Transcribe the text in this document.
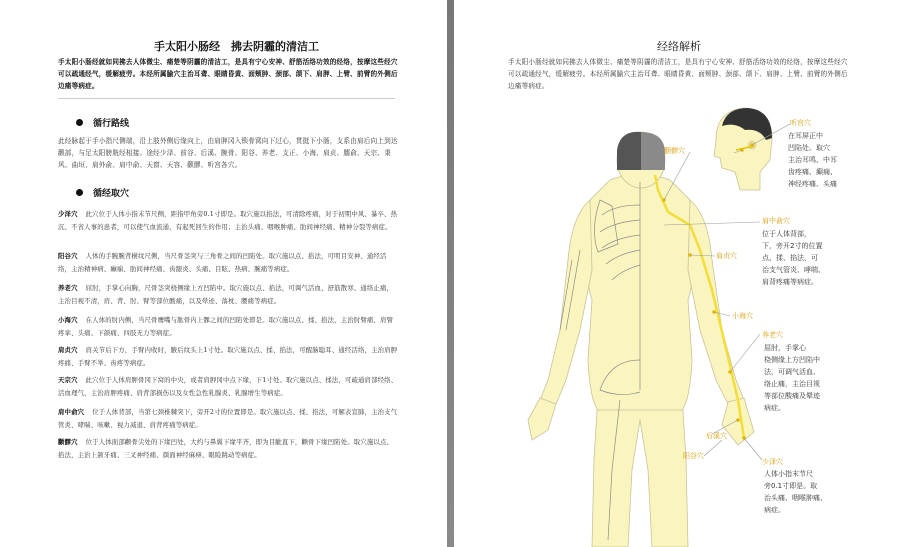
手太阳小肠经　拂去阴霾的清洁工
手太阳小肠经就如同拂去人体微尘、痛楚等阴霾的清洁工，是具有宁心安神、舒筋活络功效的经络，按摩这些经穴可以疏通经气，缓解疲劳。本经所属腧穴主治耳聋、眼睛昏黄、面颊肿、颈部、颌下、肩胛、上臂、前臂的外侧后边痛等病症。
循行路线
此经脉起于手小指尺侧端，沿上肢外侧后缘向上，由肩胛冈入锁骨窝向下过心，贯挺下小肠，支系由肩后向上到达颧部，与足太阳膀胱经相接。途经少泽、前谷、后溪、腕骨、阳谷、养老、支正、小海、肩贞、臑俞、天宗、秉风、曲垣、肩外俞、肩中俞、天窗、天容、颧髎、听宫各穴。
循经取穴
少泽穴 此穴位于人体小指末节尺侧，距指甲角旁0.1寸即是。取穴施以掐法，可清除疼痛，对于初期中风、暴卒、热沉、不省人事的患者，可以使气血流通，有起死回生的作用；主治头痛、咽喉肿痛、肋间神经痛、精神分裂等病症。
阳谷穴 人体的手腕腕背横纹尺侧，当尺骨茎突与三角骨之间的凹陷处。取穴施以点、掐法，可明目安神、通经活络，主治精神病、癫痫、肋间神经痛、齿龈炎、头痛、目眩、热病、腕痛等病症。
养老穴 屈肘，手掌心向胸，尺骨茎突桡侧缘上方凹陷中。取穴施以点、掐法，可调气活血、舒筋散寒、通络止痛，主治目视不清，肩、背、肘、臂等部位酸痛，以及晕迹、落枕、腰痛等病症。
小海穴 在人体的肘内侧，当尺骨鹰嘴与肱骨内上髁之间的凹陷处即是。取穴施以点、揉、掐法，主治肘臂痛、肩臂疼挛、头痛、下颌痛、四肢无力等病症。
肩贞穴 肩关节后下方，手臂内收时，腋后纹头上1寸处。取穴施以点、揉、掐法，可醒脑聪耳、通经活络，主治肩胛疼痛、手臂不举、齿疼等病症。
天宗穴 此穴位于人体肩胛骨冈下窝的中央，或者肩胛冈中点下缘，下1寸处。取穴施以点、揉法，可疏通肩部经络、活血理气，主治肩胛疼痛、肩背部损伤以及女性急性乳腺炎、乳腺增生等病症。
肩中俞穴 位于人体背部，当第七颈椎棘突下，旁开2寸的位置即是。取穴施以点、揉、掐法，可解表宣肺，主治支气管炎、哮喘、咳嗽、视力减退、肩背疼痛等病症。
颧髎穴 位于人体面部颧骨尖处的下缘凹处，大约与鼻翼下缘平齐，即为目眦直下，颧骨下缘凹陷处。取穴施以点、掐法，主治上颌牙痛、三叉神经痛、颜面神经麻痹、眼睑跳动等病症。
经络解析
手太阳小肠经就如同拂去人体微尘、痛楚等阴霾的清洁工，是具有宁心安神、舒筋活络功效的经络，按摩这些经穴可以疏通经气，缓解疲劳。本经所属腧穴主治耳聋、眼睛昏黄、面颊肿、颈部、颌下、肩胛、上臂、前臂的外侧后边痛等病症。
听宫穴
颧髎穴
肩中俞穴
肩贞穴
小海穴
养老穴
后溪穴
阳谷穴
少泽穴
在耳屏正中
凹陷处。取穴
主治耳鸣、中耳
齿疼痛、癫痫、
神经疼痛、头痛
位于人体背部，
下，旁开2寸的位置
点、揉、掐法，可
治支气管炎、哮喘、
肩背疼痛等病症。
屈肘，手掌心
桡侧缘上方凹陷中
法，可调气活血、
络止痛，主治目视
等部位酸痛及晕迹
病症。
人体小指末节尺
旁0.1寸即是。取
治头痛、咽喉肿痛、
病症。
